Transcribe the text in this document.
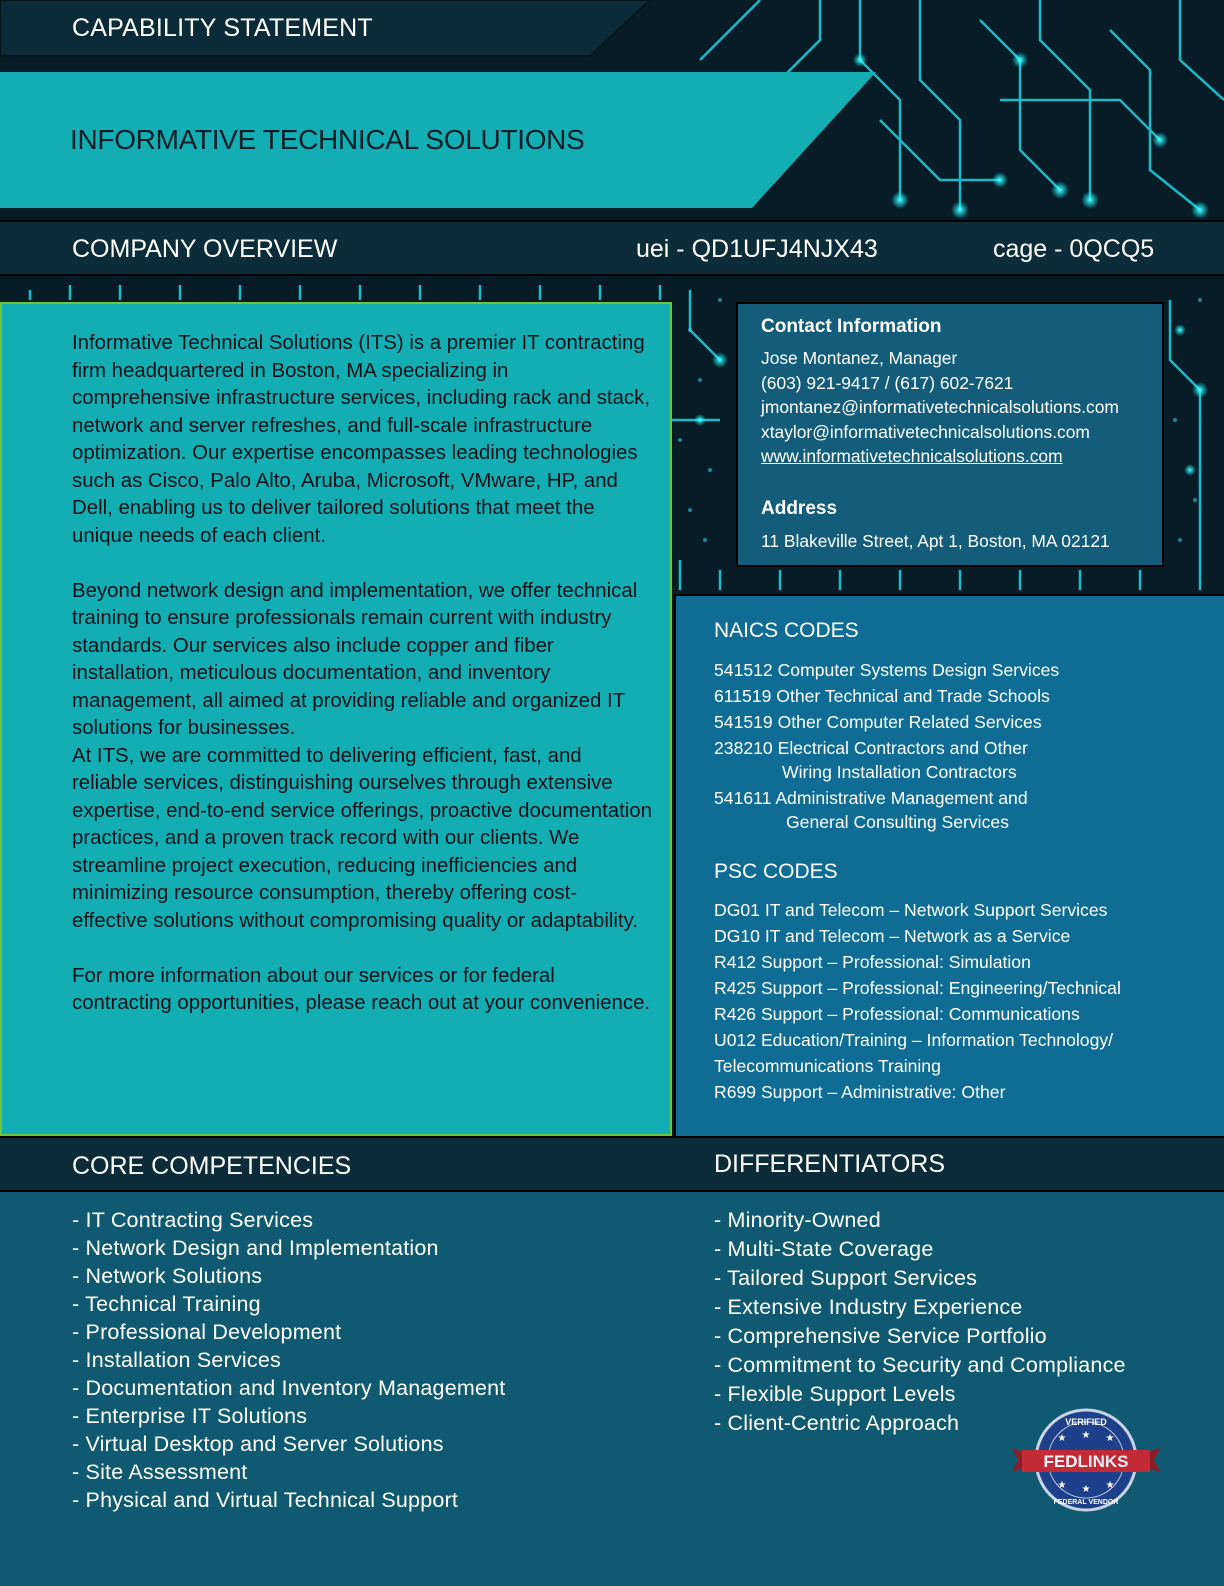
CAPABILITY STATEMENT
INFORMATIVE TECHNICAL SOLUTIONS
COMPANY OVERVIEW	uei - QD1UFJ4NJX43	cage - 0QCQ5

Informative Technical Solutions (ITS) is a premier IT contracting firm headquartered in Boston, MA specializing in comprehensive infrastructure services, including rack and stack, network and server refreshes, and full-scale infrastructure optimization. Our expertise encompasses leading technologies such as Cisco, Palo Alto, Aruba, Microsoft, VMware, HP, and Dell, enabling us to deliver tailored solutions that meet the unique needs of each client.

Beyond network design and implementation, we offer technical training to ensure professionals remain current with industry standards. Our services also include copper and fiber installation, meticulous documentation, and inventory management, all aimed at providing reliable and organized IT solutions for businesses.

At ITS, we are committed to delivering efficient, fast, and reliable services, distinguishing ourselves through extensive expertise, end-to-end service offerings, proactive documentation practices, and a proven track record with our clients. We streamline project execution, reducing inefficiencies and minimizing resource consumption, thereby offering cost-effective solutions without compromising quality or adaptability.

For more information about our services or for federal contracting opportunities, please reach out at your convenience.

Contact Information
Jose Montanez, Manager
(603) 921-9417 / (617) 602-7621
jmontanez@informativetechnicalsolutions.com
xtaylor@informativetechnicalsolutions.com
www.informativetechnicalsolutions.com
Address
11 Blakeville Street, Apt 1, Boston, MA 02121
NAICS CODES
541512 Computer Systems Design Services
611519 Other Technical and Trade Schools
541519 Other Computer Related Services
238210 Electrical Contractors and Other
Wiring Installation Contractors
541611 Administrative Management and
General Consulting Services
PSC CODES
DG01 IT and Telecom – Network Support Services
DG10 IT and Telecom – Network as a Service
R412 Support – Professional: Simulation
R425 Support – Professional: Engineering/Technical
R426 Support – Professional: Communications
U012 Education/Training – Information Technology/
Telecommunications Training
R699 Support – Administrative: Other
CORE COMPETENCIES	DIFFERENTIATORS
- IT Contracting Services
- Network Design and Implementation
- Network Solutions
- Technical Training
- Professional Development
- Installation Services
- Documentation and Inventory Management
- Enterprise IT Solutions
- Virtual Desktop and Server Solutions
- Site Assessment
- Physical and Virtual Technical Support
- Minority-Owned
- Multi-State Coverage
- Tailored Support Services
- Extensive Industry Experience
- Comprehensive Service Portfolio
- Commitment to Security and Compliance
- Flexible Support Levels
- Client-Centric Approach	VERIFIED
FEDERAL VENDOR
★ ★ ★
★ ★ ★
FEDLINKS
